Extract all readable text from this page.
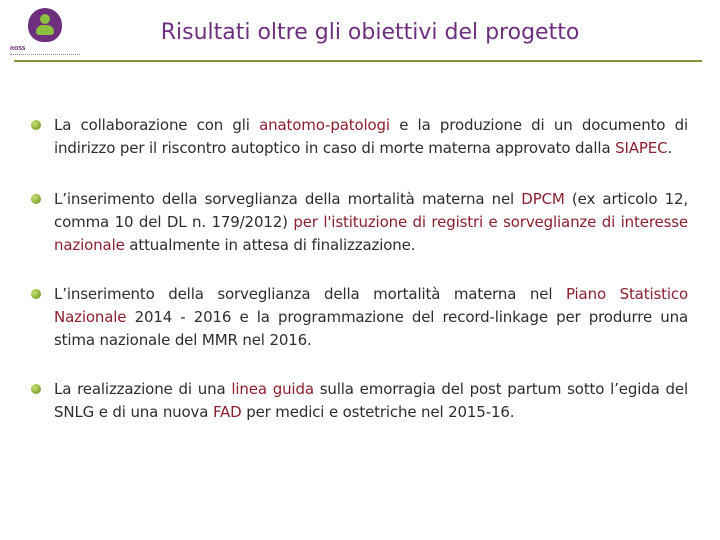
ItOSS
Risultati oltre gli obiettivi del progetto
La collaborazione con gli anatomo-patologi e la produzione di un documento di indirizzo per il riscontro autoptico in caso di morte materna approvato dalla SIAPEC.
L’inserimento della sorveglianza della mortalità materna nel DPCM (ex articolo 12, comma 10 del DL n. 179/2012) per l'istituzione di registri e sorveglianze di interesse nazionale attualmente in attesa di finalizzazione.
L’inserimento della sorveglianza della mortalità materna nel Piano Statistico Nazionale 2014 - 2016 e la programmazione del record-linkage per produrre una stima nazionale del MMR nel 2016.
La realizzazione di una linea guida sulla emorragia del post partum sotto l’egida del SNLG e di una nuova FAD per medici e ostetriche nel 2015-16.
